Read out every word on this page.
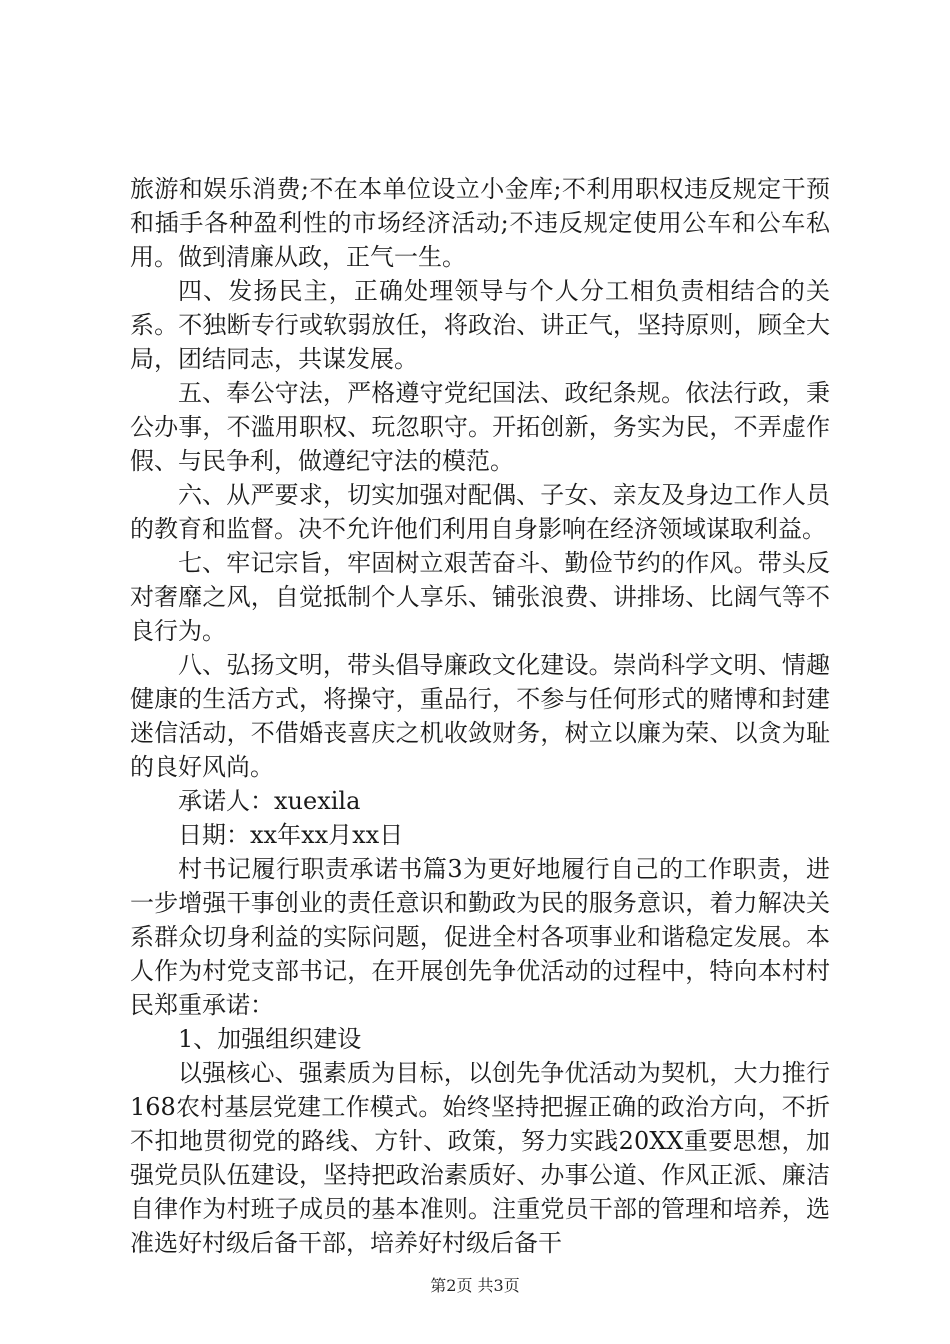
旅游和娱乐消费;不在本单位设立小金库;不利用职权违反规定干预和插手各种盈利性的市场经济活动;不违反规定使用公车和公车私用。做到清廉从政，正气一生。

四、发扬民主，正确处理领导与个人分工相负责相结合的关系。不独断专行或软弱放任，将政治、讲正气，坚持原则，顾全大局，团结同志，共谋发展。

五、奉公守法，严格遵守党纪国法、政纪条规。依法行政，秉公办事，不滥用职权、玩忽职守。开拓创新，务实为民，不弄虚作假、与民争利，做遵纪守法的模范。

六、从严要求，切实加强对配偶、子女、亲友及身边工作人员的教育和监督。决不允许他们利用自身影响在经济领域谋取利益。

七、牢记宗旨，牢固树立艰苦奋斗、勤俭节约的作风。带头反对奢靡之风，自觉抵制个人享乐、铺张浪费、讲排场、比阔气等不良行为。

八、弘扬文明，带头倡导廉政文化建设。崇尚科学文明、情趣健康的生活方式，将操守，重品行，不参与任何形式的赌博和封建迷信活动，不借婚丧喜庆之机收敛财务，树立以廉为荣、以贪为耻的良好风尚。

承诺人：xuexila

日期：xx年xx月xx日

村书记履行职责承诺书篇3为更好地履行自己的工作职责，进一步增强干事创业的责任意识和勤政为民的服务意识，着力解决关系群众切身利益的实际问题，促进全村各项事业和谐稳定发展。本人作为村党支部书记，在开展创先争优活动的过程中，特向本村村民郑重承诺：

1、加强组织建设

以强核心、强素质为目标，以创先争优活动为契机，大力推行168农村基层党建工作模式。始终坚持把握正确的政治方向，不折不扣地贯彻党的路线、方针、政策，努力实践20XX重要思想，加强党员队伍建设，坚持把政治素质好、办事公道、作风正派、廉洁自律作为村班子成员的基本准则。注重党员干部的管理和培养，选准选好村级后备干部，培养好村级后备干

第2页 共3页
